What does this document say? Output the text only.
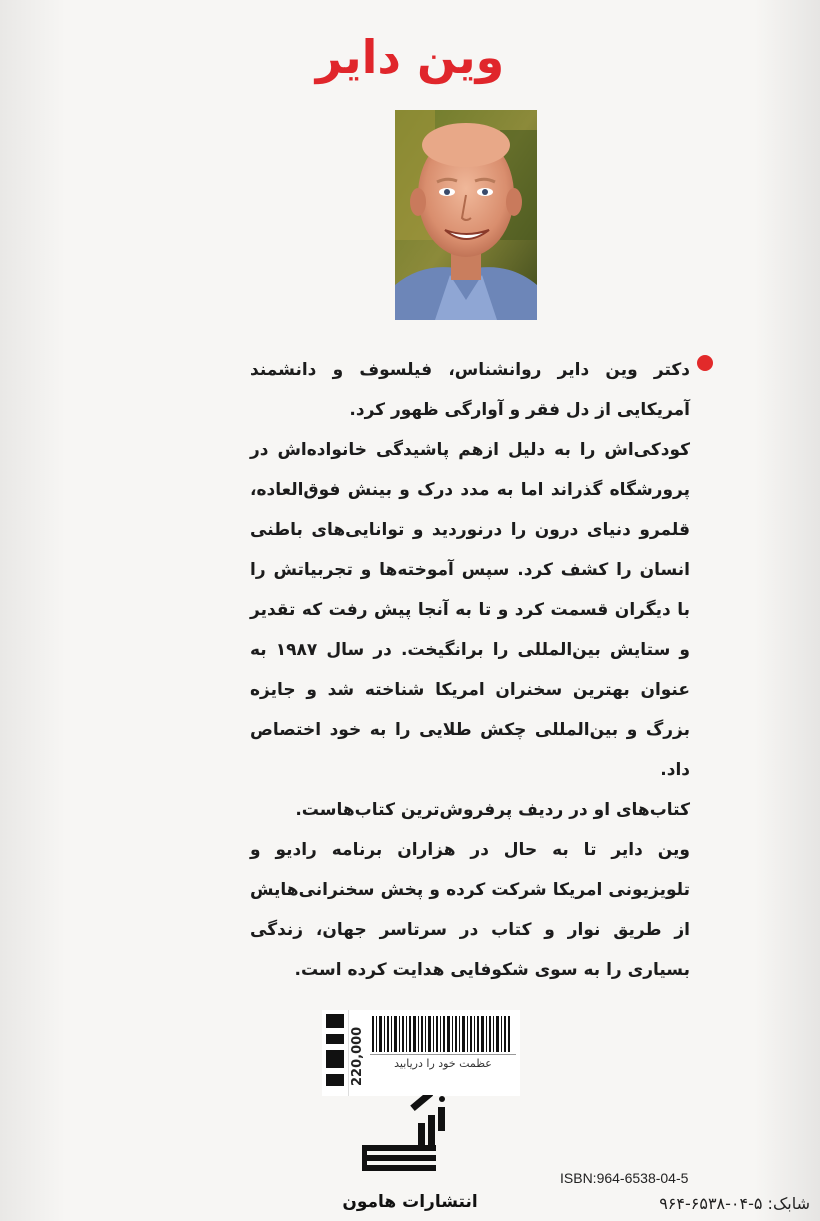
وین دایر

دکتر وین دایر روانشناس، فیلسوف و دانشمند آمریکایی از دل فقر و آوارگی ظهور کرد.

کودکی‌اش را به دلیل ازهم پاشیدگی خانواده‌اش در پرورشگاه گذراند اما به مدد درک و بینش فوق‌العاده، قلمرو دنیای درون را درنوردید و توانایی‌های باطنی انسان را کشف کرد. سپس آموخته‌ها و تجربیاتش را با دیگران قسمت کرد و تا به آنجا پیش رفت که تقدیر و ستایش بین‌المللی را برانگیخت. در سال ۱۹۸۷ به عنوان بهترین سخنران امریکا شناخته شد و جایزه بزرگ و بین‌المللی چکش طلایی را به خود اختصاص داد.

کتاب‌های او در ردیف پرفروش‌ترین کتاب‌هاست.

وین دایر تا به حال در هزاران برنامه رادیو و تلویزیونی امریکا شرکت کرده و پخش سخنرانی‌هایش از طریق نوار و کتاب در سرتاسر جهان، زندگی بسیاری را به سوی شکوفایی هدایت کرده است.

220,000	عظمت خود را دریابید
انتشارات هامون
ISBN:964-6538-04-5
شابک: ۵-۰۴-۶۵۳۸-۹۶۴
